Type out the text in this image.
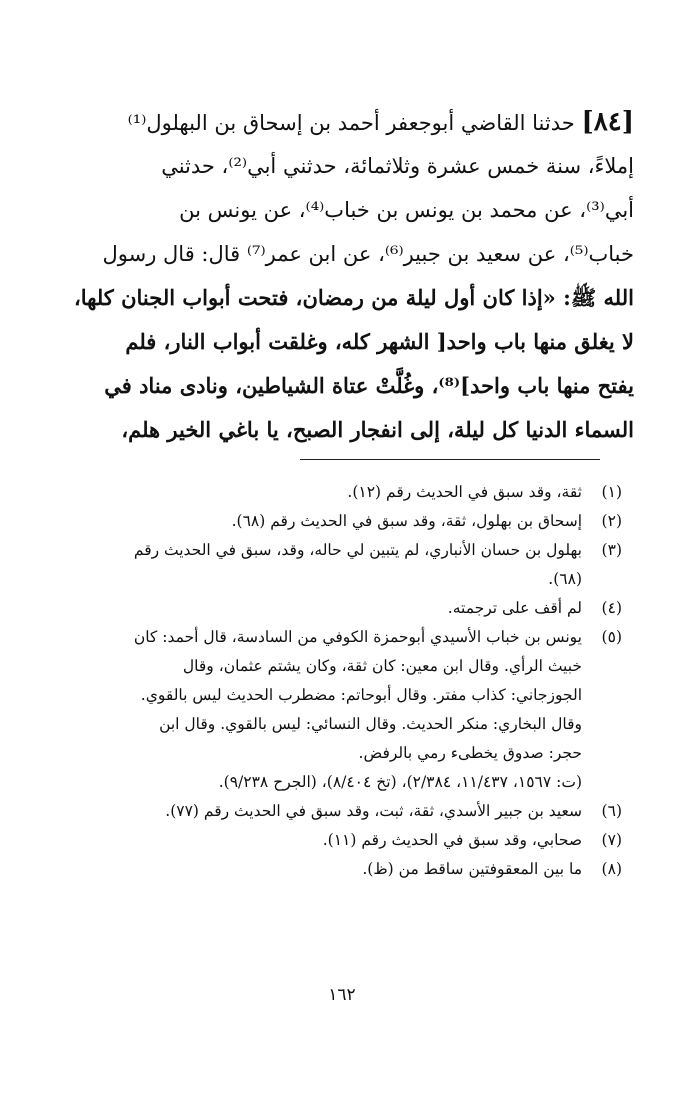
[٨٤] حدثنا القاضي أبوجعفر أحمد بن إسحاق بن البهلول⁽¹⁾
إملاءً، سنة خمس عشرة وثلاثمائة، حدثني أبي⁽²⁾، حدثني
أبي⁽³⁾، عن محمد بن يونس بن خباب⁽⁴⁾، عن يونس بن
خباب⁽⁵⁾، عن سعيد بن جبير⁽⁶⁾، عن ابن عمر⁽⁷⁾ قال: قال رسول
الله ﷺ: «إذا كان أول ليلة من رمضان، فتحت أبواب الجنان كلها،
لا يغلق منها باب واحد[ الشهر كله، وغلقت أبواب النار، فلم
يفتح منها باب واحد]⁽⁸⁾، وغُلَّتْ عتاة الشياطين، ونادى مناد في
السماء الدنيا كل ليلة، إلى انفجار الصبح، يا باغي الخير هلم،
(١)
ثقة، وقد سبق في الحديث رقم (١٢).
(٢)
إسحاق بن بهلول، ثقة، وقد سبق في الحديث رقم (٦٨).
(٣)
بهلول بن حسان الأنباري، لم يتبين لي حاله، وقد، سبق في الحديث رقم
(٦٨).
(٤)
لم أقف على ترجمته.
(٥)
يونس بن خباب الأسيدي أبوحمزة الكوفي من السادسة، قال أحمد: كان
خبيث الرأي. وقال ابن معين: كان ثقة، وكان يشتم عثمان، وقال
الجوزجاني: كذاب مفتر. وقال أبوحاتم: مضطرب الحديث ليس بالقوي.
وقال البخاري: منكر الحديث. وقال النسائي: ليس بالقوي. وقال ابن
حجر: صدوق يخطىء رمي بالرفض.
(ت: ١٥٦٧، ١١/٤٣٧، ٢/٣٨٤)، (تخ ٨/٤٠٤)، (الجرح ٩/٢٣٨).
(٦)
سعيد بن جبير الأسدي، ثقة، ثبت، وقد سبق في الحديث رقم (٧٧).
(٧)
صحابي، وقد سبق في الحديث رقم (١١).
(٨)
ما بين المعقوفتين ساقط من (ظ).
١٦٢
